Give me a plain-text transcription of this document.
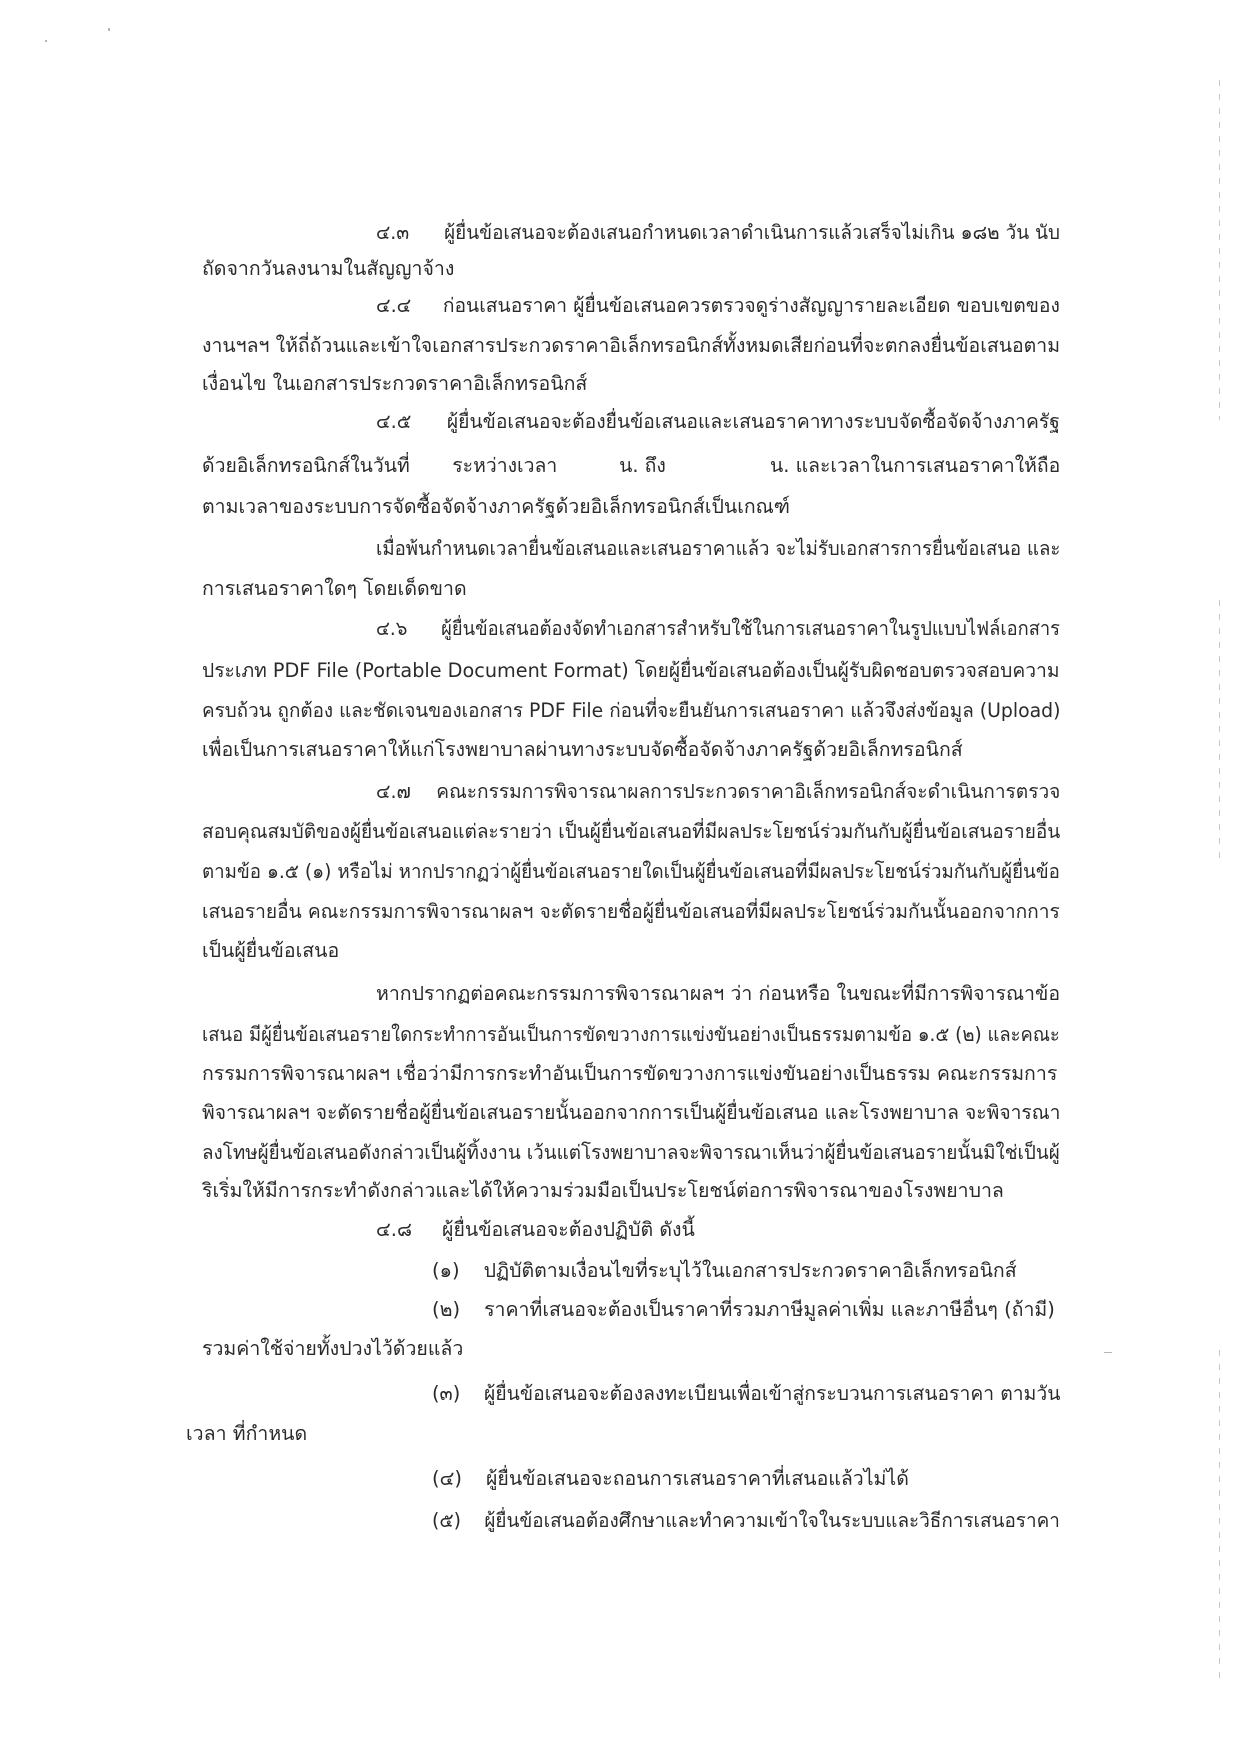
๔.๓ ผู้ยื่นข้อเสนอจะต้องเสนอกำหนดเวลาดำเนินการแล้วเสร็จไม่เกิน ๑๘๒ วัน นับ
ถัดจากวันลงนามในสัญญาจ้าง
๔.๔ ก่อนเสนอราคา ผู้ยื่นข้อเสนอควรตรวจดูร่างสัญญารายละเอียด ขอบเขตของ
งานฯลฯ ให้ถี่ถ้วนและเข้าใจเอกสารประกวดราคาอิเล็กทรอนิกส์ทั้งหมดเสียก่อนที่จะตกลงยื่นข้อเสนอตาม
เงื่อนไข ในเอกสารประกวดราคาอิเล็กทรอนิกส์
๔.๕ ผู้ยื่นข้อเสนอจะต้องยื่นข้อเสนอและเสนอราคาทางระบบจัดซื้อจัดจ้างภาครัฐ
ด้วยอิเล็กทรอนิกส์ในวันที่ ระหว่างเวลา	น. ถึง	น. และเวลาในการเสนอราคาให้ถือ
ตามเวลาของระบบการจัดซื้อจัดจ้างภาครัฐด้วยอิเล็กทรอนิกส์เป็นเกณฑ์
เมื่อพ้นกำหนดเวลายื่นข้อเสนอและเสนอราคาแล้ว จะไม่รับเอกสารการยื่นข้อเสนอ และ
การเสนอราคาใดๆ โดยเด็ดขาด
๔.๖ ผู้ยื่นข้อเสนอต้องจัดทำเอกสารสำหรับใช้ในการเสนอราคาในรูปแบบไฟล์เอกสาร
ประเภท PDF File (Portable Document Format) โดยผู้ยื่นข้อเสนอต้องเป็นผู้รับผิดชอบตรวจสอบความ
ครบถ้วน ถูกต้อง และชัดเจนของเอกสาร PDF File ก่อนที่จะยืนยันการเสนอราคา แล้วจึงส่งข้อมูล (Upload)
เพื่อเป็นการเสนอราคาให้แก่โรงพยาบาลผ่านทางระบบจัดซื้อจัดจ้างภาครัฐด้วยอิเล็กทรอนิกส์
๔.๗ คณะกรรมการพิจารณาผลการประกวดราคาอิเล็กทรอนิกส์จะดำเนินการตรวจ
สอบคุณสมบัติของผู้ยื่นข้อเสนอแต่ละรายว่า เป็นผู้ยื่นข้อเสนอที่มีผลประโยชน์ร่วมกันกับผู้ยื่นข้อเสนอรายอื่น
ตามข้อ ๑.๕ (๑) หรือไม่ หากปรากฏว่าผู้ยื่นข้อเสนอรายใดเป็นผู้ยื่นข้อเสนอที่มีผลประโยชน์ร่วมกันกับผู้ยื่นข้อ
เสนอรายอื่น คณะกรรมการพิจารณาผลฯ จะตัดรายชื่อผู้ยื่นข้อเสนอที่มีผลประโยชน์ร่วมกันนั้นออกจากการ
เป็นผู้ยื่นข้อเสนอ
หากปรากฏต่อคณะกรรมการพิจารณาผลฯ ว่า ก่อนหรือ ในขณะที่มีการพิจารณาข้อ
เสนอ มีผู้ยื่นข้อเสนอรายใดกระทำการอันเป็นการขัดขวางการแข่งขันอย่างเป็นธรรมตามข้อ ๑.๕ (๒) และคณะ
กรรมการพิจารณาผลฯ เชื่อว่ามีการกระทำอันเป็นการขัดขวางการแข่งขันอย่างเป็นธรรม คณะกรรมการ
พิจารณาผลฯ จะตัดรายชื่อผู้ยื่นข้อเสนอรายนั้นออกจากการเป็นผู้ยื่นข้อเสนอ และโรงพยาบาล จะพิจารณา
ลงโทษผู้ยื่นข้อเสนอดังกล่าวเป็นผู้ทิ้งงาน เว้นแต่โรงพยาบาลจะพิจารณาเห็นว่าผู้ยื่นข้อเสนอรายนั้นมิใช่เป็นผู้
ริเริ่มให้มีการกระทำดังกล่าวและได้ให้ความร่วมมือเป็นประโยชน์ต่อการพิจารณาของโรงพยาบาล
๔.๘ ผู้ยื่นข้อเสนอจะต้องปฏิบัติ ดังนี้
(๑) ปฏิบัติตามเงื่อนไขที่ระบุไว้ในเอกสารประกวดราคาอิเล็กทรอนิกส์
(๒) ราคาที่เสนอจะต้องเป็นราคาที่รวมภาษีมูลค่าเพิ่ม และภาษีอื่นๆ (ถ้ามี)
รวมค่าใช้จ่ายทั้งปวงไว้ด้วยแล้ว
(๓) ผู้ยื่นข้อเสนอจะต้องลงทะเบียนเพื่อเข้าสู่กระบวนการเสนอราคา ตามวัน
เวลา ที่กำหนด
(๔) ผู้ยื่นข้อเสนอจะถอนการเสนอราคาที่เสนอแล้วไม่ได้
(๕) ผู้ยื่นข้อเสนอต้องศึกษาและทำความเข้าใจในระบบและวิธีการเสนอราคา
